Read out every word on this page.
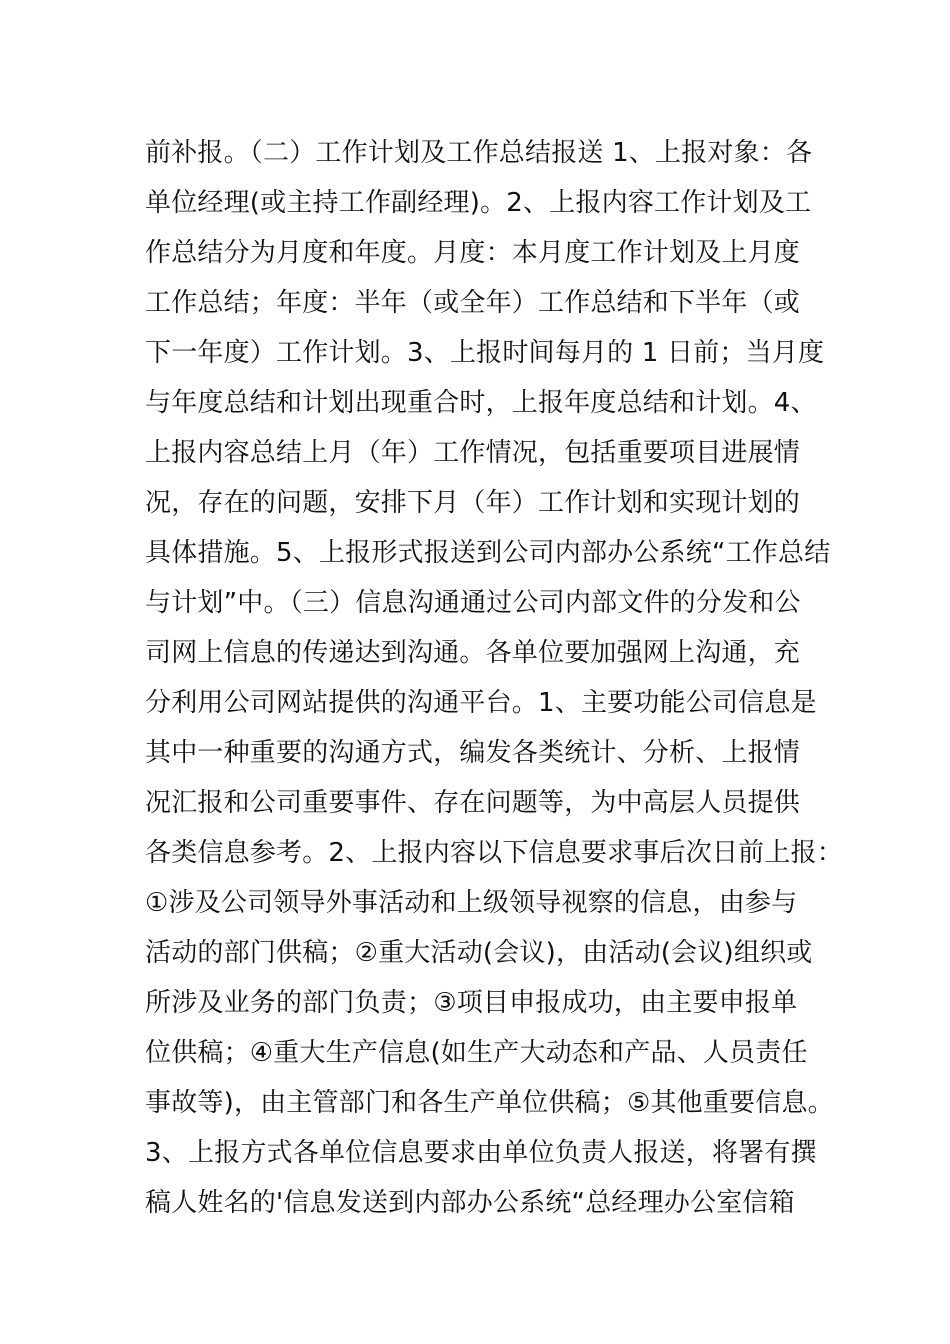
前补报。（二）工作计划及工作总结报送 1、上报对象：各
单位经理(或主持工作副经理)。2、上报内容工作计划及工
作总结分为月度和年度。月度：本月度工作计划及上月度
工作总结；年度：半年（或全年）工作总结和下半年（或
下一年度）工作计划。3、上报时间每月的 1 日前；当月度
与年度总结和计划出现重合时，上报年度总结和计划。4、
上报内容总结上月（年）工作情况，包括重要项目进展情
况，存在的问题，安排下月（年）工作计划和实现计划的
具体措施。5、上报形式报送到公司内部办公系统“工作总结
与计划”中。（三）信息沟通通过公司内部文件的分发和公
司网上信息的传递达到沟通。各单位要加强网上沟通，充
分利用公司网站提供的沟通平台。1、主要功能公司信息是
其中一种重要的沟通方式，编发各类统计、分析、上报情
况汇报和公司重要事件、存在问题等，为中高层人员提供
各类信息参考。2、上报内容以下信息要求事后次日前上报：
①涉及公司领导外事活动和上级领导视察的信息，由参与
活动的部门供稿；②重大活动(会议)，由活动(会议)组织或
所涉及业务的部门负责；③项目申报成功，由主要申报单
位供稿；④重大生产信息(如生产大动态和产品、人员责任
事故等)，由主管部门和各生产单位供稿；⑤其他重要信息。
3、上报方式各单位信息要求由单位负责人报送，将署有撰
稿人姓名的'信息发送到内部办公系统“总经理办公室信箱
